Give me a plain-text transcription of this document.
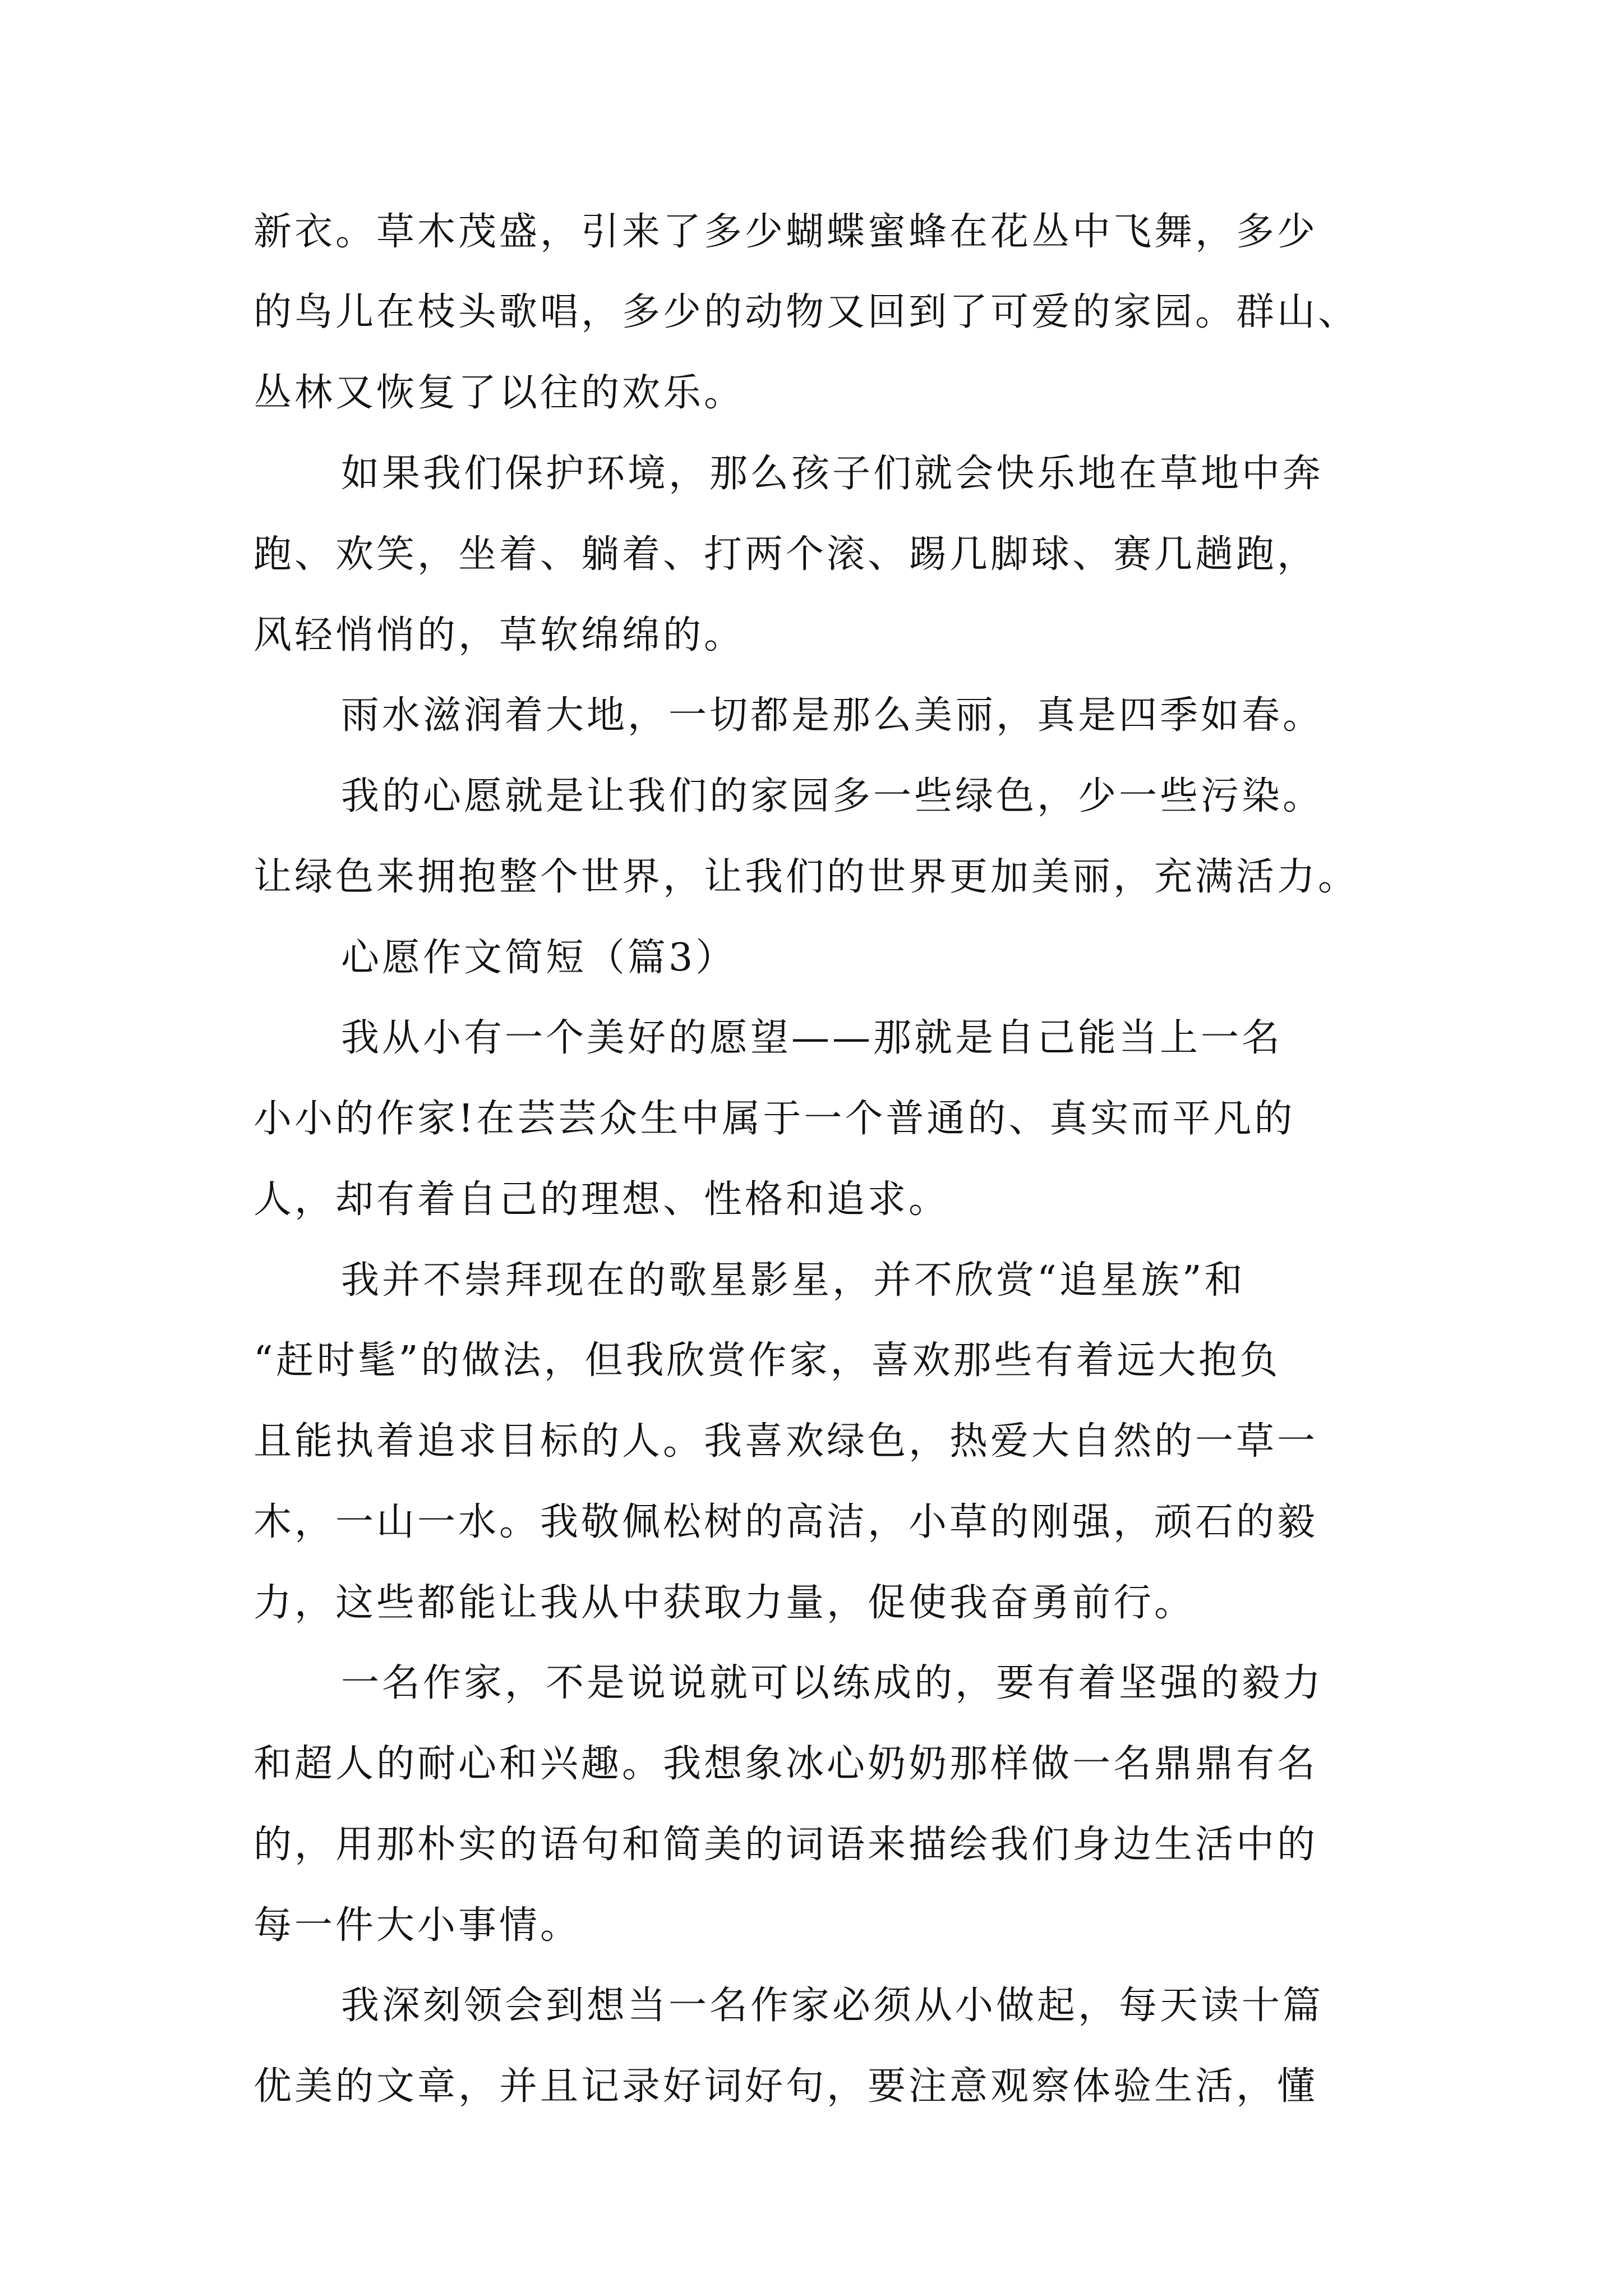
新衣。草木茂盛，引来了多少蝴蝶蜜蜂在花丛中飞舞，多少
的鸟儿在枝头歌唱，多少的动物又回到了可爱的家园。群山、
丛林又恢复了以往的欢乐。
如果我们保护环境，那么孩子们就会快乐地在草地中奔
跑、欢笑，坐着、躺着、打两个滚、踢几脚球、赛几趟跑，
风轻悄悄的，草软绵绵的。
雨水滋润着大地，一切都是那么美丽，真是四季如春。
我的心愿就是让我们的家园多一些绿色，少一些污染。
让绿色来拥抱整个世界，让我们的世界更加美丽，充满活力。
心愿作文简短（篇3）
我从小有一个美好的愿望——那就是自己能当上一名
小小的作家!在芸芸众生中属于一个普通的、真实而平凡的
人，却有着自己的理想、性格和追求。
我并不崇拜现在的歌星影星，并不欣赏“追星族”和
“赶时髦”的做法，但我欣赏作家，喜欢那些有着远大抱负
且能执着追求目标的人。我喜欢绿色，热爱大自然的一草一
木，一山一水。我敬佩松树的高洁，小草的刚强，顽石的毅
力，这些都能让我从中获取力量，促使我奋勇前行。
一名作家，不是说说就可以练成的，要有着坚强的毅力
和超人的耐心和兴趣。我想象冰心奶奶那样做一名鼎鼎有名
的，用那朴实的语句和简美的词语来描绘我们身边生活中的
每一件大小事情。
我深刻领会到想当一名作家必须从小做起，每天读十篇
优美的文章，并且记录好词好句，要注意观察体验生活，懂
